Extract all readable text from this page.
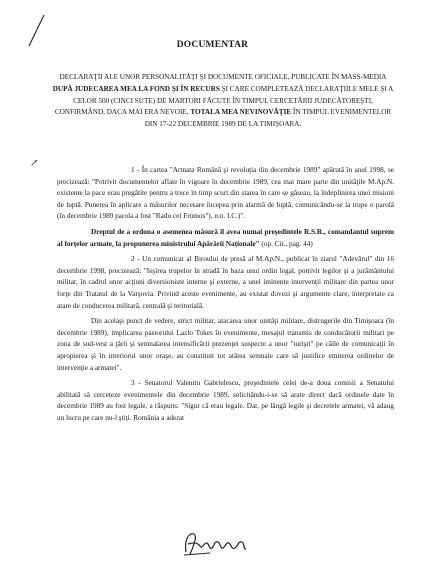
DOCUMENTAR
DECLARAŢII ALE UNOR PERSONALITĂŢI ŞI DOCUMENTE OFICIALE, PUBLICATE ÎN MASS-MEDIA DUPĂ JUDECAREA MEA LA FOND ŞI ÎN RECURS ŞI CARE COMPLETEAZĂ DECLARAŢIILE MELE ŞI A CELOR 500 (CINCI SUTE) DE MARTORI FĂCUTE ÎN TIMPUL CERCETĂRII JUDECĂTOREŞTI, CONFIRMÂND, DACA MAI ERA NEVOIE, TOTALA MEA NEVINOVĂŢIE ÎN TIMPUL EVENIMENTELOR DIN 17-22 DECEMBRIE 1989 DE LA TIMIŞOARA.
↗

1 - În cartea "Armata Română şi revoluţia din decembrie 1989" apărută în anul 1998, se precizează: "Potrivit documentelor aflate în vigoare în decembrie 1989, cea mai mare parte din unităţile M.Ap.N. existente la pace erau pregătite pentru a trece în timp scurt din starea în care se găseau, la îndeplinirea unei misiuni de luptă. Punerea în aplicare a măsurilor necesare începea prin alarmă de luptă, comunicându-se la trupe o parolă (în decembrie 1989 parola a fost "Radu cel Frumos"), n.n. I.C.)".

Dreptul de a ordona o asemenea măsură îl avea numai preşedintele R.S.R., comandantul suprem al forţelor armate, la propunerea ministrului Apărării Naţionale" (op. Cit., pag. 44)

2 - Un comunicat al Biroului de presă al M.Ap.N., publicat în ziarul "Adevărul" din 16 decembrie 1998, precizează: "Ieşirea trupelor în stradă în baza unui ordin legal, potrivit legilor şi a jurământului militar, în cadrul unor acţiuni diversioniste interne şi externe, a unei iminente intervenţii militare din partea unor forţe din Tratatul de la Varşovia. Privind aceste evenimente, au existat dovezi şi argumente clare, interpretate ca atare de conducerea militară, centrală şi teritorială.

Din acelaşi punct de vedere, strict militar, atacarea unor unităţi militare, distrugerile din Timişoara (în decembrie 1989), implicarea pastorului Lazlo Tokes în evenimente, mesajul transmis de conducătorii militari pe zona de sud-vest a ţării şi semnalarea intensificării prezenţei suspecte a unor "turişti" pe căile de comunicaţii în apropierea şi în interiorul unor oraşe, au constituit tot atâtea semnale care să justifice emiterea ordinelor de intervenţie a armatei".

3 - Senatorul Valentin Gabrielescu, preşedintele celei de-a doua comisii a Senatului abilitată să cerceteze evenimentele din decembrie 1989, solicitându-i-se să arate direct dacă ordinele date în decembrie 1989 au fost legale, a răspuns: "Sigur că erau legale. Dar, pe lângă legile şi decretele armatei, vă adaug un lucru pe care nu-l ştiţi. România a aderat
